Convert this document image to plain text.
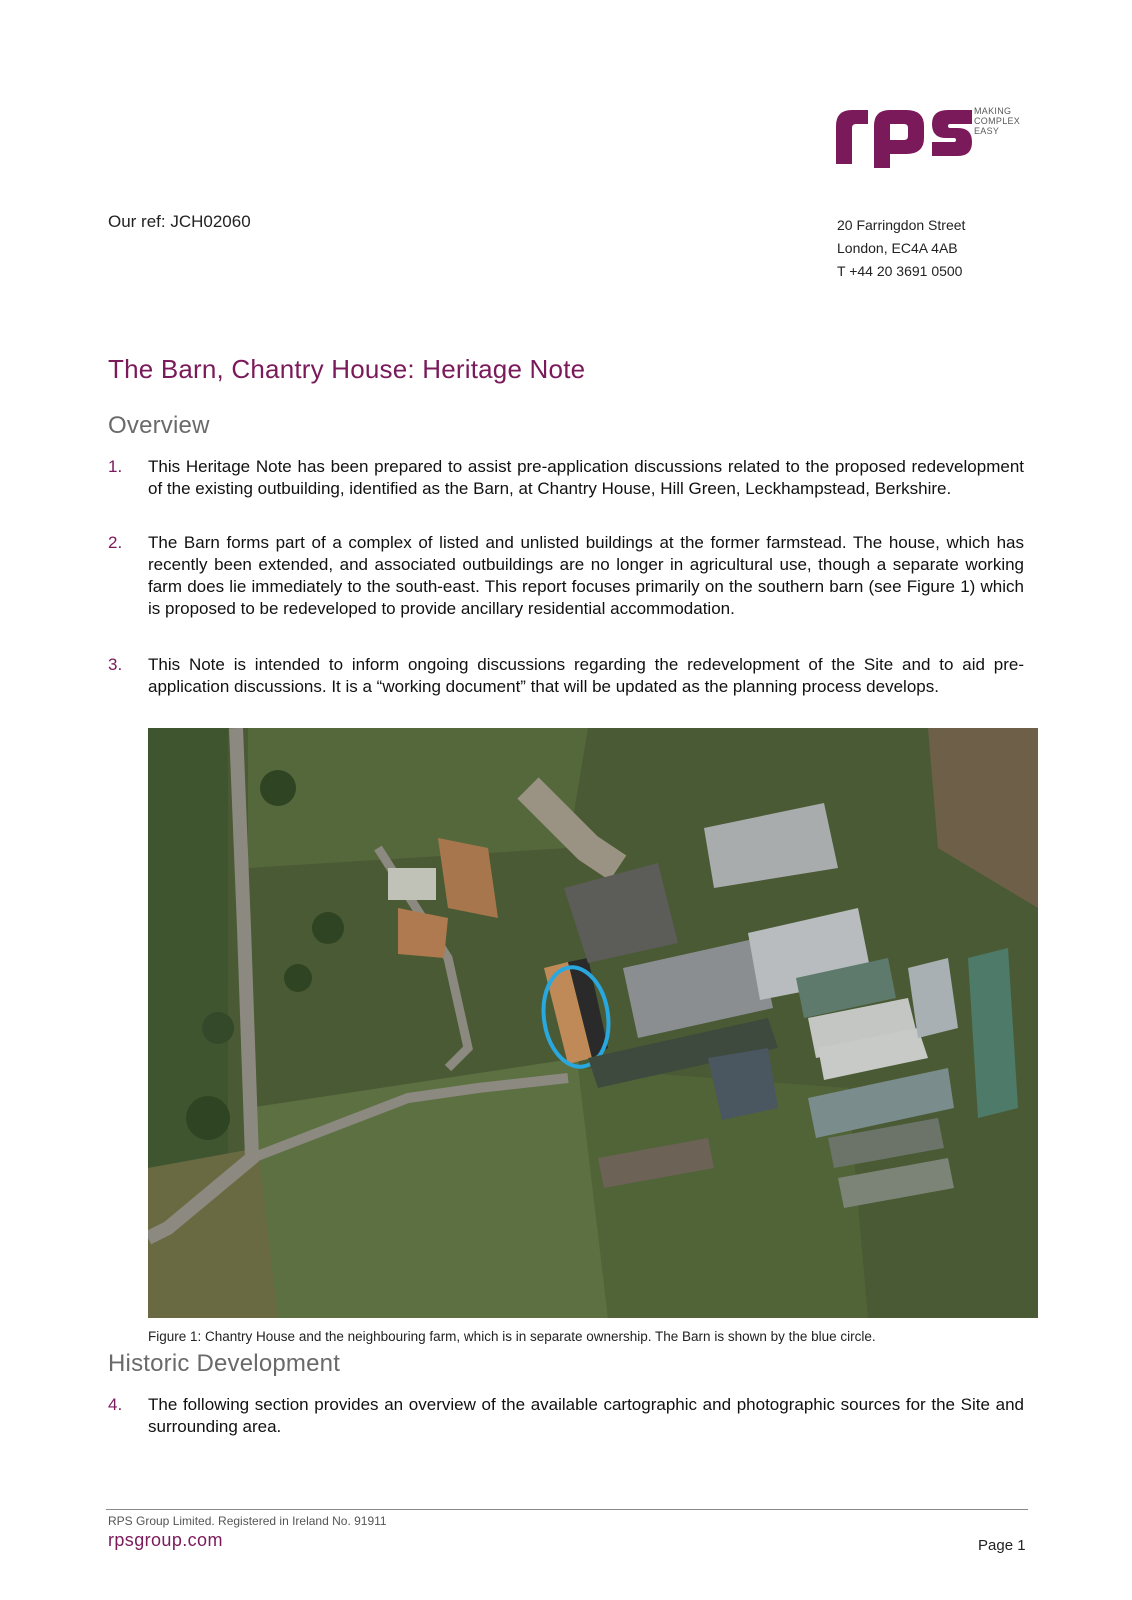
MAKING
COMPLEX
EASY
Our ref: JCH02060	20 Farringdon Street
London, EC4A 4AB
T +44 20 3691 0500
The Barn, Chantry House: Heritage Note
Overview
1. This Heritage Note has been prepared to assist pre-application discussions related to the proposed redevelopment of the existing outbuilding, identified as the Barn, at Chantry House, Hill Green, Leckhampstead, Berkshire.
2. The Barn forms part of a complex of listed and unlisted buildings at the former farmstead. The house, which has recently been extended, and associated outbuildings are no longer in agricultural use, though a separate working farm does lie immediately to the south-east. This report focuses primarily on the southern barn (see Figure 1) which is proposed to be redeveloped to provide ancillary residential accommodation.
3. This Note is intended to inform ongoing discussions regarding the redevelopment of the Site and to aid pre-application discussions. It is a “working document” that will be updated as the planning process develops.
Figure 1: Chantry House and the neighbouring farm, which is in separate ownership. The Barn is shown by the blue circle.
Historic Development
4. The following section provides an overview of the available cartographic and photographic sources for the Site and surrounding area.
RPS Group Limited. Registered in Ireland No. 91911
rpsgroup.com	Page 1
